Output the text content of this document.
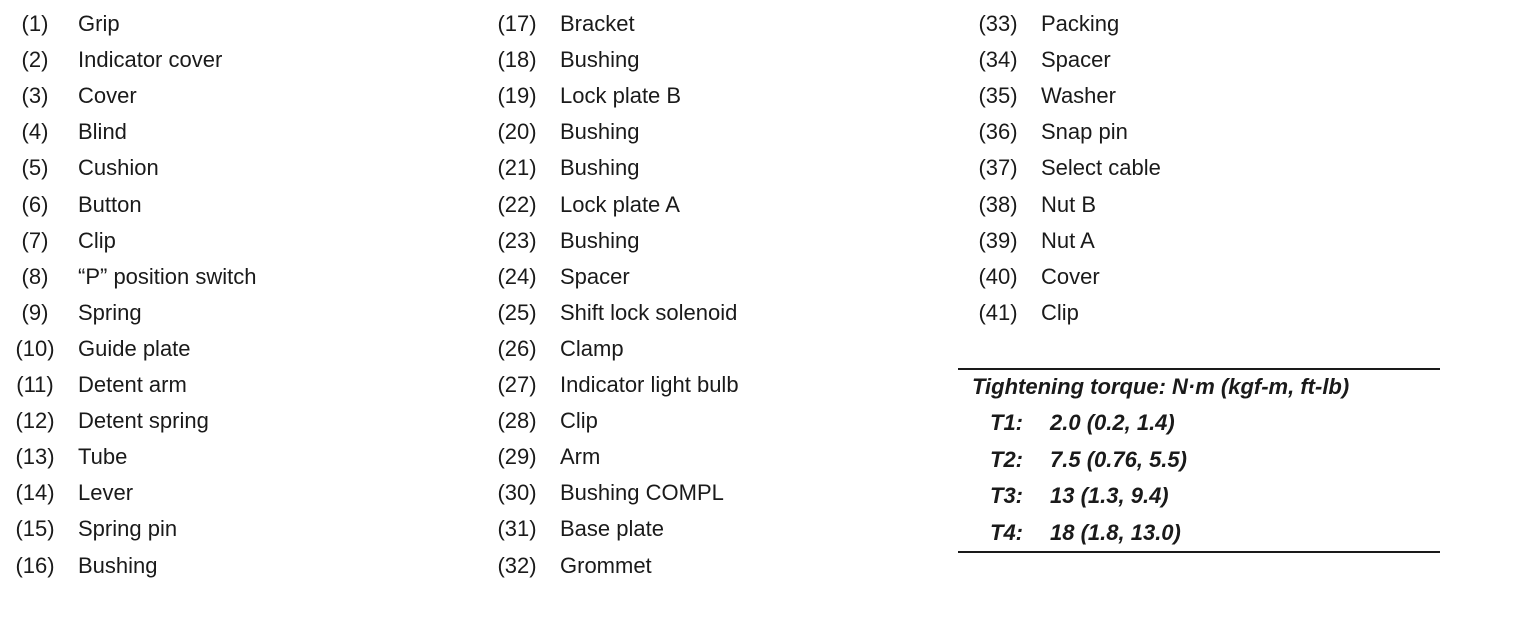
(1)	Grip
(2)	Indicator cover
(3)	Cover
(4)	Blind
(5)	Cushion
(6)	Button
(7)	Clip
(8)	“P” position switch
(9)	Spring
(10)	Guide plate
(11)	Detent arm
(12)	Detent spring
(13)	Tube
(14)	Lever
(15)	Spring pin
(16)	Bushing
(17)	Bracket
(18)	Bushing
(19)	Lock plate B
(20)	Bushing
(21)	Bushing
(22)	Lock plate A
(23)	Bushing
(24)	Spacer
(25)	Shift lock solenoid
(26)	Clamp
(27)	Indicator light bulb
(28)	Clip
(29)	Arm
(30)	Bushing COMPL
(31)	Base plate
(32)	Grommet
(33)	Packing
(34)	Spacer
(35)	Washer
(36)	Snap pin
(37)	Select cable
(38)	Nut B
(39)	Nut A
(40)	Cover
(41)	Clip
Tightening torque: N·m (kgf-m, ft-lb)
T1: 2.0 (0.2, 1.4)
T2: 7.5 (0.76, 5.5)
T3: 13 (1.3, 9.4)
T4: 18 (1.8, 13.0)
